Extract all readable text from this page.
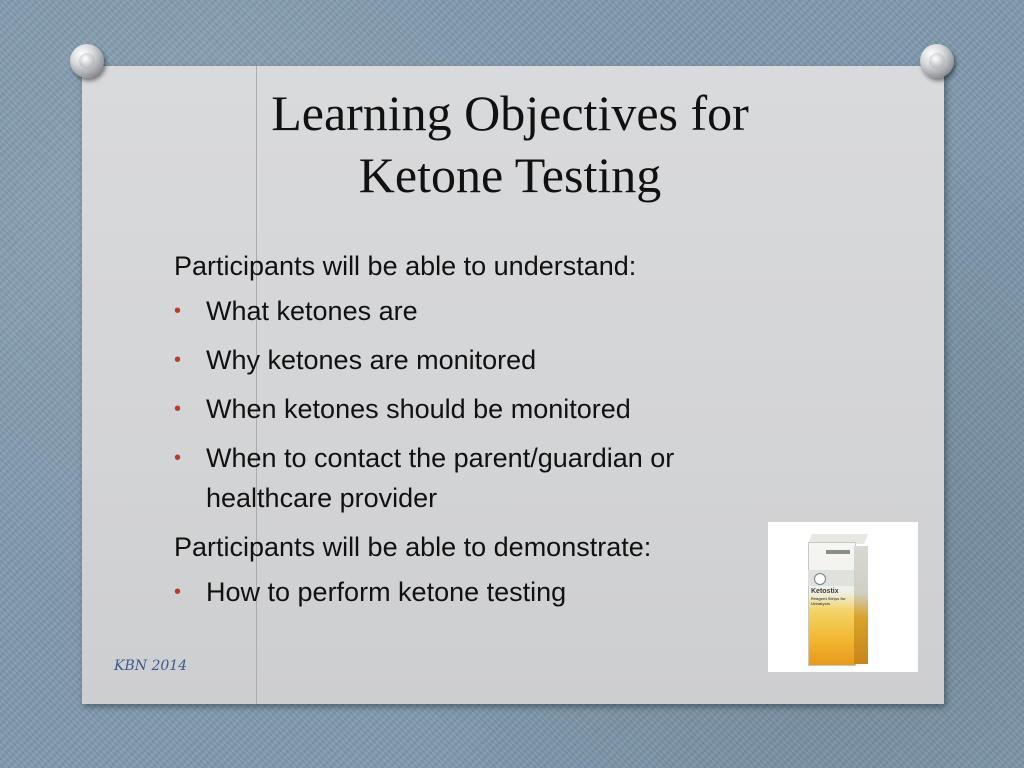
Learning Objectives for
Ketone Testing

Participants will be able to understand:

• What ketones are
• Why ketones are monitored
• When ketones should be monitored
• When to contact the parent/guardian or healthcare provider

Participants will be able to demonstrate:

• How to perform ketone testing	Ketostix
Reagent Strips for Urinalysis
KBN 2014
